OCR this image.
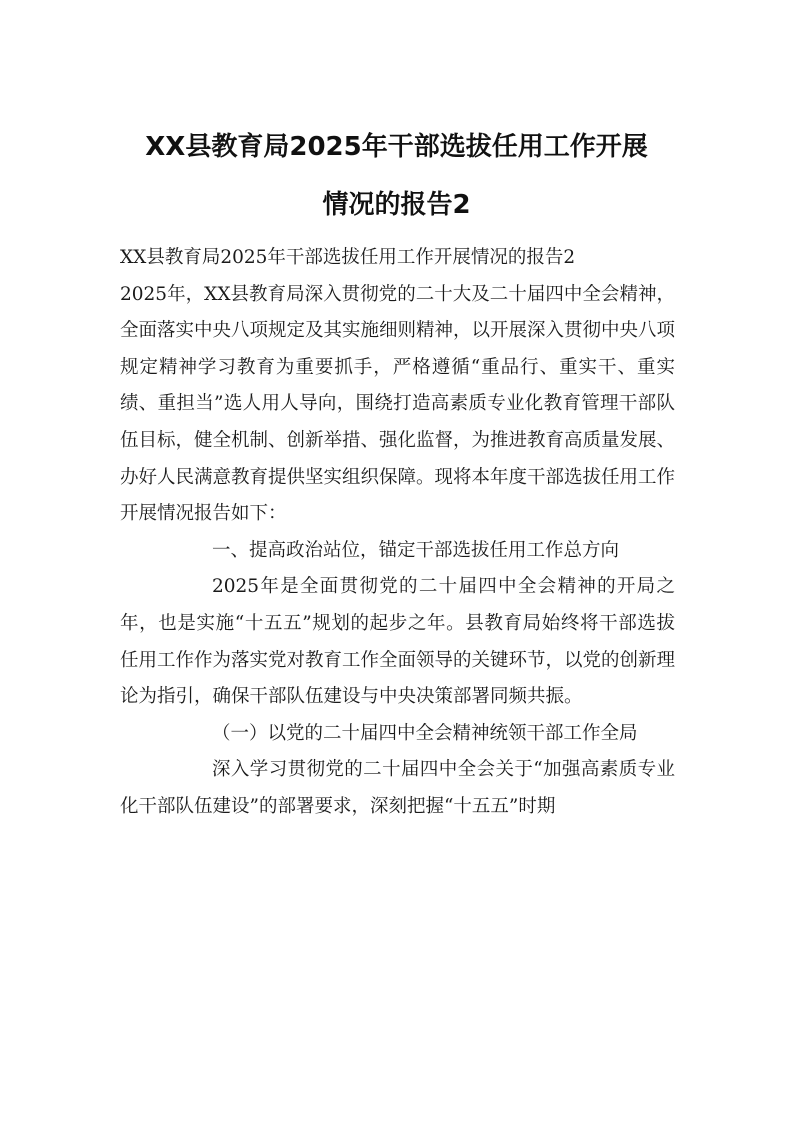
XX县教育局2025年干部选拔任用工作开展
情况的报告2

XX县教育局2025年干部选拔任用工作开展情况的报告2

2025年，XX县教育局深入贯彻党的二十大及二十届四中全会精神，全面落实中央八项规定及其实施细则精神，以开展深入贯彻中央八项规定精神学习教育为重要抓手，严格遵循“重品行、重实干、重实绩、重担当”选人用人导向，围绕打造高素质专业化教育管理干部队伍目标，健全机制、创新举措、强化监督，为推进教育高质量发展、办好人民满意教育提供坚实组织保障。现将本年度干部选拔任用工作开展情况报告如下：

一、提高政治站位，锚定干部选拔任用工作总方向

2025年是全面贯彻党的二十届四中全会精神的开局之年，也是实施“十五五”规划的起步之年。县教育局始终将干部选拔任用工作作为落实党对教育工作全面领导的关键环节，以党的创新理论为指引，确保干部队伍建设与中央决策部署同频共振。

（一）以党的二十届四中全会精神统领干部工作全局

深入学习贯彻党的二十届四中全会关于“加强高素质专业化干部队伍建设”的部署要求，深刻把握“十五五”时期
